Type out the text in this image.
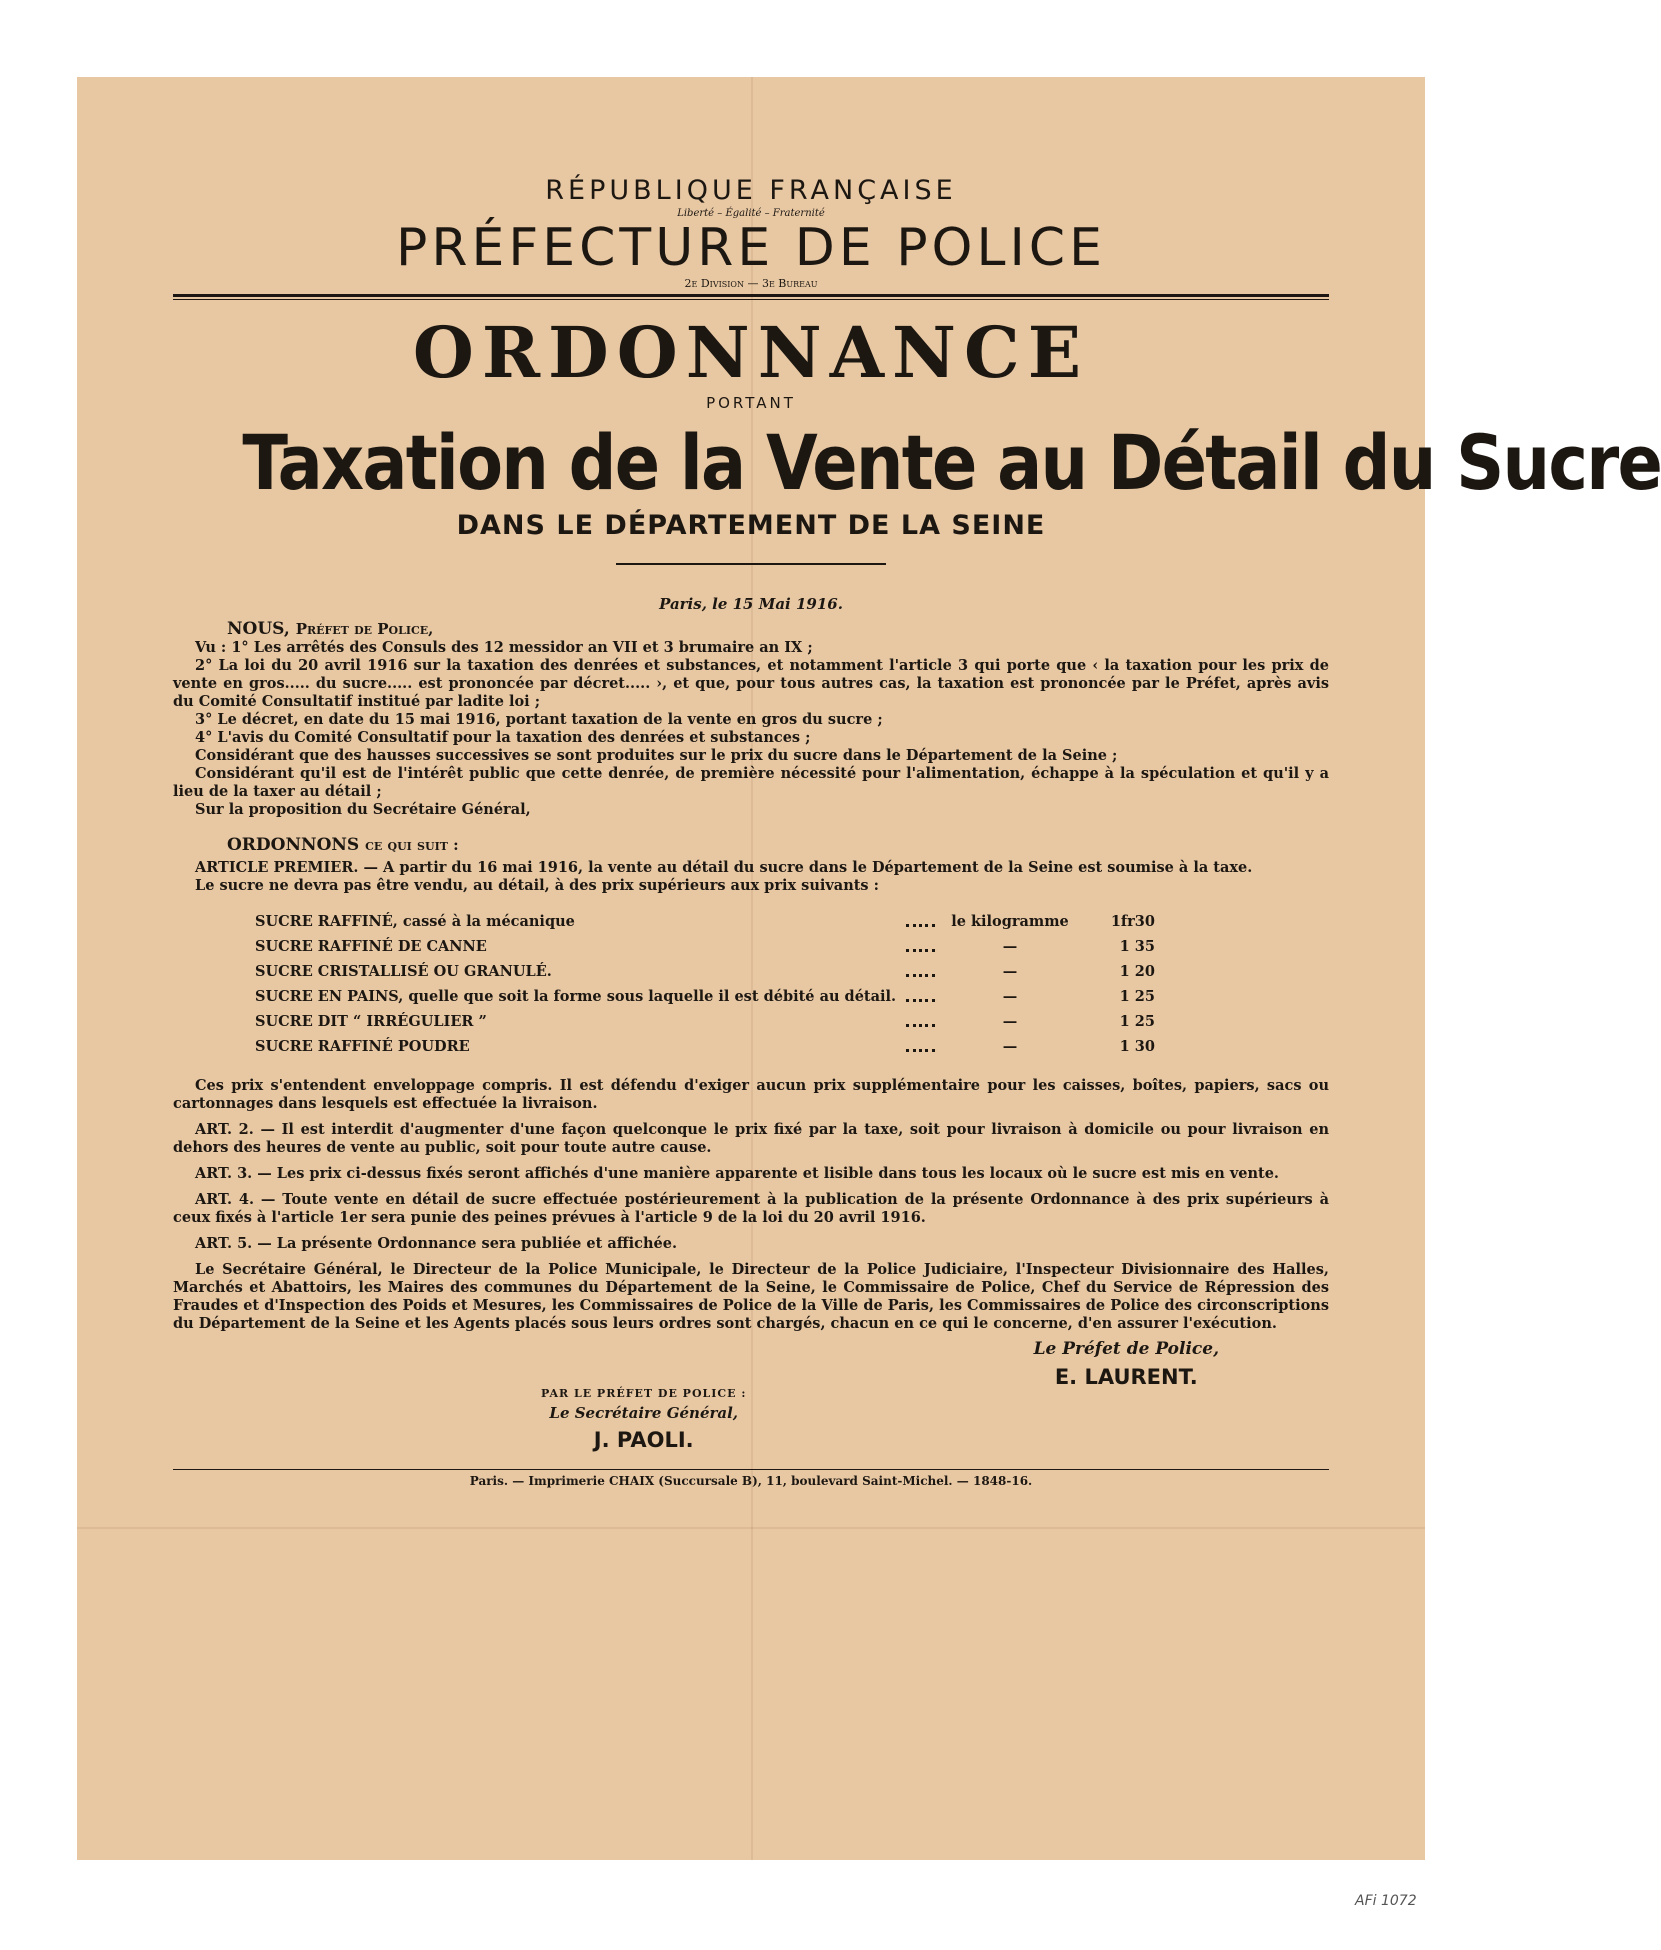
RÉPUBLIQUE FRANÇAISE

Liberté – Égalité – Fraternité

PRÉFECTURE DE POLICE

2e Division — 3e Bureau

ORDONNANCE

PORTANT

Taxation de la Vente au Détail du Sucre

DANS LE DÉPARTEMENT DE LA SEINE

Paris, le 15 Mai 1916.

NOUS, Préfet de Police,

Vu : 1° Les arrêtés des Consuls des 12 messidor an VII et 3 brumaire an IX ;

2° La loi du 20 avril 1916 sur la taxation des denrées et substances, et notamment l'article 3 qui porte que ‹ la taxation pour les prix de vente en gros..... du sucre..... est prononcée par décret..... ›, et que, pour tous autres cas, la taxation est prononcée par le Préfet, après avis du Comité Consultatif institué par ladite loi ;

3° Le décret, en date du 15 mai 1916, portant taxation de la vente en gros du sucre ;

4° L'avis du Comité Consultatif pour la taxation des denrées et substances ;

Considérant que des hausses successives se sont produites sur le prix du sucre dans le Département de la Seine ;

Considérant qu'il est de l'intérêt public que cette denrée, de première nécessité pour l'alimentation, échappe à la spéculation et qu'il y a lieu de la taxer au détail ;

Sur la proposition du Secrétaire Général,

ORDONNONS ce qui suit :

ARTICLE PREMIER. — A partir du 16 mai 1916, la vente au détail du sucre dans le Département de la Seine est soumise à la taxe.

Le sucre ne devra pas être vendu, au détail, à des prix supérieurs aux prix suivants :

SUCRE RAFFINÉ, cassé à la mécanique		le kilogramme	1fr30
SUCRE RAFFINÉ DE CANNE		—	1 35
SUCRE CRISTALLISÉ OU GRANULÉ.		—	1 20
SUCRE EN PAINS, quelle que soit la forme sous laquelle il est débité au détail.		—	1 25
SUCRE DIT “ IRRÉGULIER ”		—	1 25
SUCRE RAFFINÉ POUDRE		—	1 30

Ces prix s'entendent enveloppage compris. Il est défendu d'exiger aucun prix supplémentaire pour les caisses, boîtes, papiers, sacs ou cartonnages dans lesquels est effectuée la livraison.

ART. 2. — Il est interdit d'augmenter d'une façon quelconque le prix fixé par la taxe, soit pour livraison à domicile ou pour livraison en dehors des heures de vente au public, soit pour toute autre cause.

ART. 3. — Les prix ci-dessus fixés seront affichés d'une manière apparente et lisible dans tous les locaux où le sucre est mis en vente.

ART. 4. — Toute vente en détail de sucre effectuée postérieurement à la publication de la présente Ordonnance à des prix supérieurs à ceux fixés à l'article 1er sera punie des peines prévues à l'article 9 de la loi du 20 avril 1916.

ART. 5. — La présente Ordonnance sera publiée et affichée.

Le Secrétaire Général, le Directeur de la Police Municipale, le Directeur de la Police Judiciaire, l'Inspecteur Divisionnaire des Halles, Marchés et Abattoirs, les Maires des communes du Département de la Seine, le Commissaire de Police, Chef du Service de Répression des Fraudes et d'Inspection des Poids et Mesures, les Commissaires de Police de la Ville de Paris, les Commissaires de Police des circonscriptions du Département de la Seine et les Agents placés sous leurs ordres sont chargés, chacun en ce qui le concerne, d'en assurer l'exécution.

Le Préfet de Police,

E. LAURENT.

PAR LE PRÉFET DE POLICE :

Le Secrétaire Général,

J. PAOLI.

Paris. — Imprimerie CHAIX (Succursale B), 11, boulevard Saint-Michel. — 1848-16.

AFi 1072
